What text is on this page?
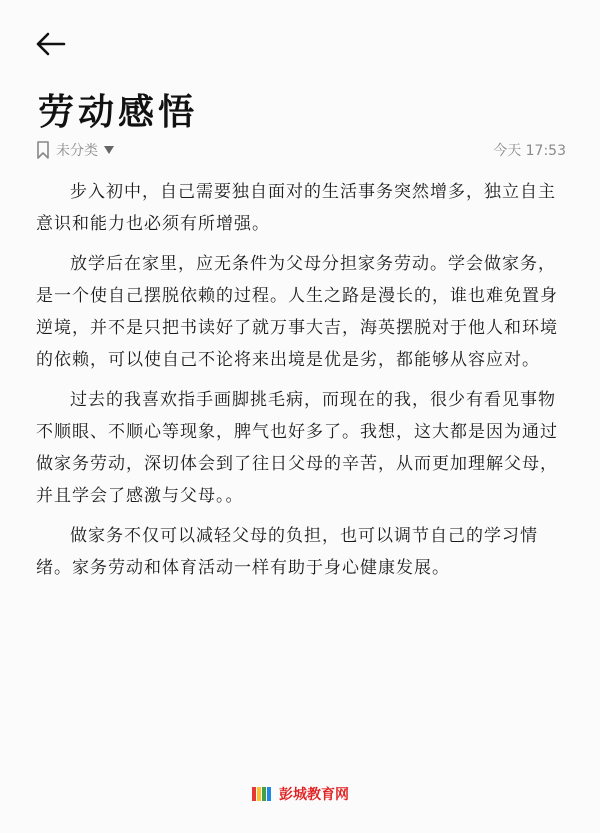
劳动感悟
未分类	今天 17:53

步入初中，自己需要独自面对的生活事务突然增多，独立自主意识和能力也必须有所增强。

放学后在家里，应无条件为父母分担家务劳动。学会做家务，是一个使自己摆脱依赖的过程。人生之路是漫长的，谁也难免置身逆境，并不是只把书读好了就万事大吉，海英摆脱对于他人和环境的依赖，可以使自己不论将来出境是优是劣，都能够从容应对。

过去的我喜欢指手画脚挑毛病，而现在的我，很少有看见事物不顺眼、不顺心等现象，脾气也好多了。我想，这大都是因为通过做家务劳动，深切体会到了往日父母的辛苦，从而更加理解父母，并且学会了感激与父母。。

做家务不仅可以减轻父母的负担，也可以调节自己的学习情绪。家务劳动和体育活动一样有助于身心健康发展。

彭城教育网
